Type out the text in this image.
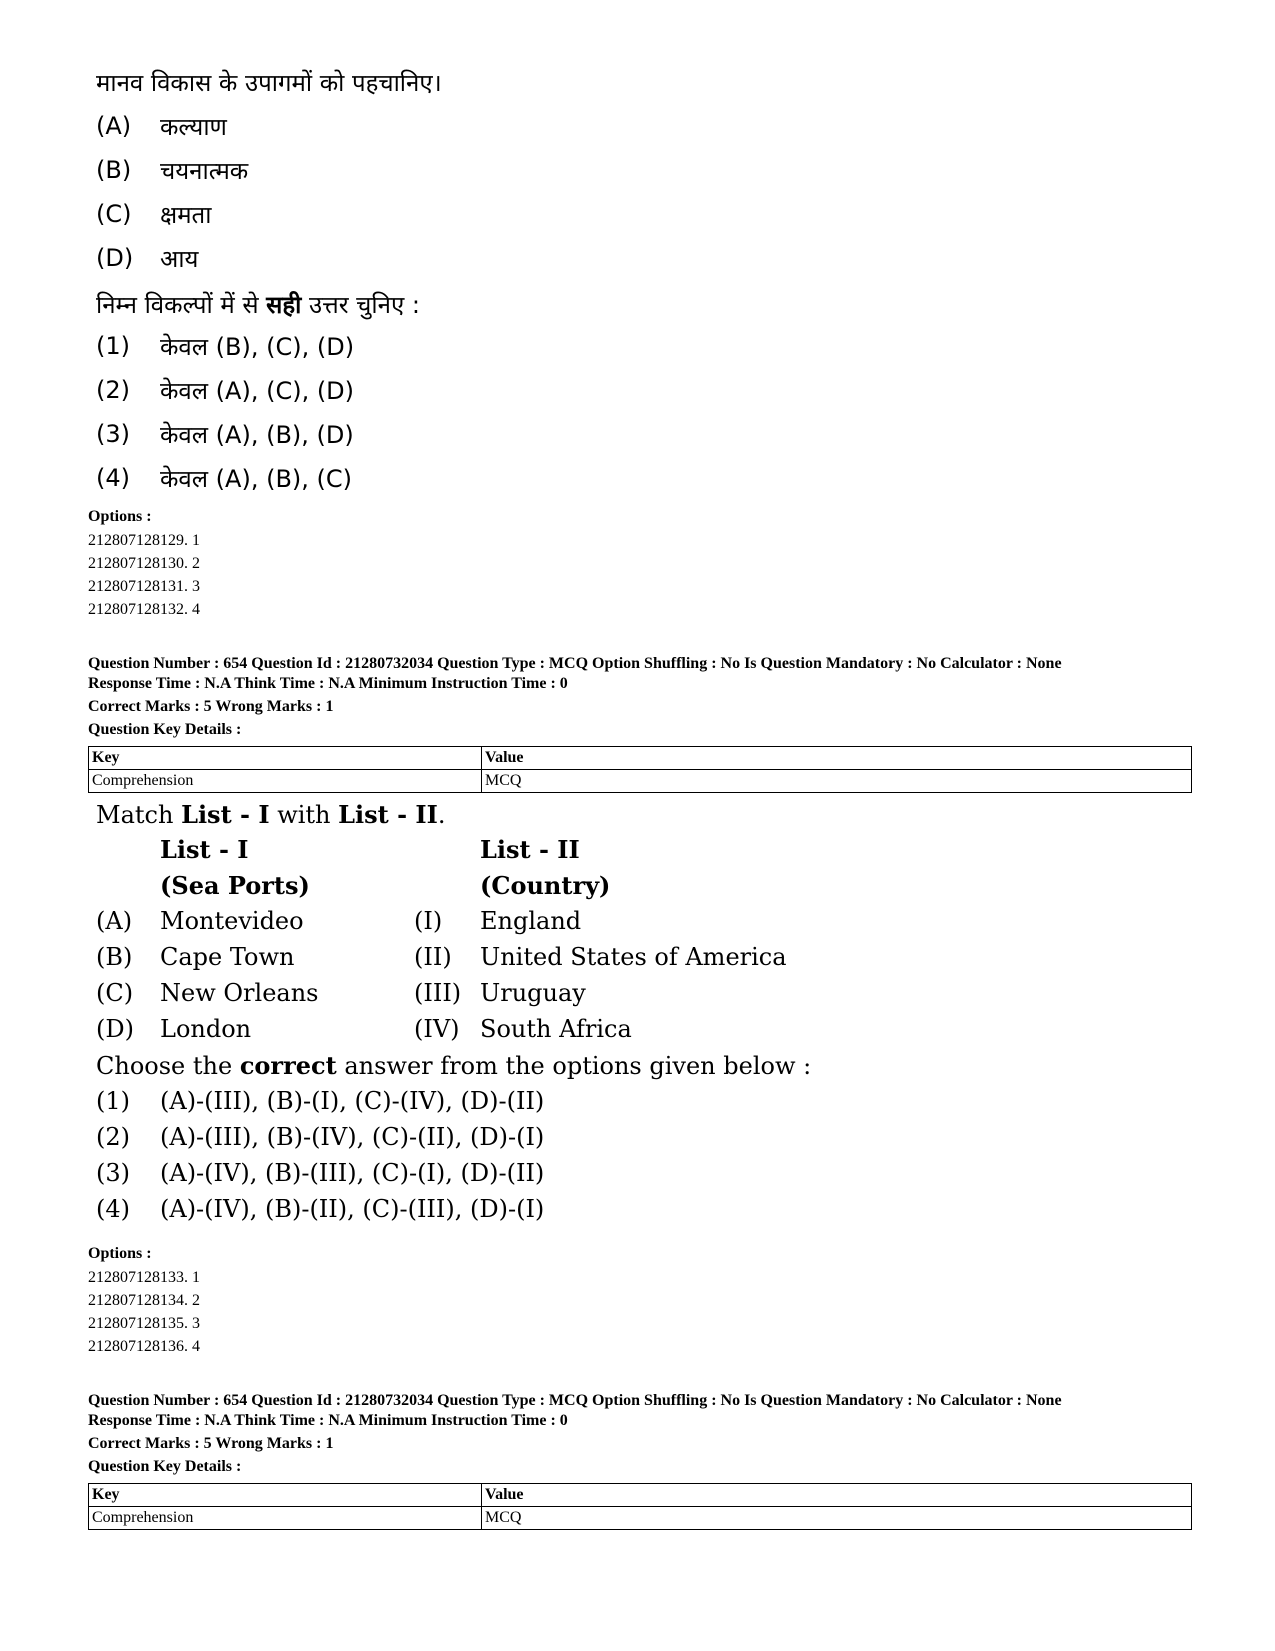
मानव विकास के उपागमों को पहचानिए।
(A) कल्याण
(B) चयनात्मक
(C) क्षमता
(D) आय
निम्न विकल्पों में से सही उत्तर चुनिए :
(1) केवल (B), (C), (D)
(2) केवल (A), (C), (D)
(3) केवल (A), (B), (D)
(4) केवल (A), (B), (C)
Options :
212807128129. 1
212807128130. 2
212807128131. 3
212807128132. 4
Question Number : 654 Question Id : 21280732034 Question Type : MCQ Option Shuffling : No Is Question Mandatory : No Calculator : None
Response Time : N.A Think Time : N.A Minimum Instruction Time : 0
Correct Marks : 5 Wrong Marks : 1
Question Key Details :
Key	Value
Comprehension	MCQ
Match List - I with List - II.
List - I	List - II
(Sea Ports)	(Country)
(A) Montevideo	(I) England
(B) Cape Town	(II) United States of America
(C) New Orleans	(III) Uruguay
(D) London	(IV) South Africa
Choose the correct answer from the options given below :
(1) (A)-(III), (B)-(I), (C)-(IV), (D)-(II)
(2) (A)-(III), (B)-(IV), (C)-(II), (D)-(I)
(3) (A)-(IV), (B)-(III), (C)-(I), (D)-(II)
(4) (A)-(IV), (B)-(II), (C)-(III), (D)-(I)
Options :
212807128133. 1
212807128134. 2
212807128135. 3
212807128136. 4
Question Number : 654 Question Id : 21280732034 Question Type : MCQ Option Shuffling : No Is Question Mandatory : No Calculator : None
Response Time : N.A Think Time : N.A Minimum Instruction Time : 0
Correct Marks : 5 Wrong Marks : 1
Question Key Details :
Key	Value
Comprehension	MCQ
